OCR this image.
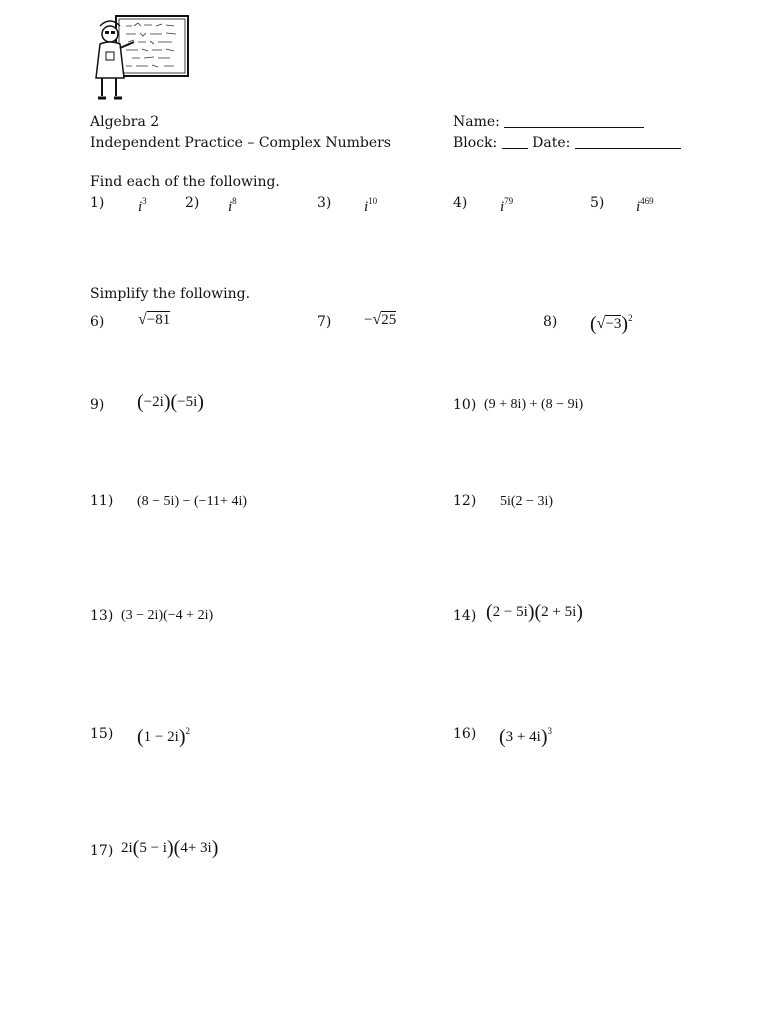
Algebra 2
Independent Practice – Complex Numbers
Name:
Block: Date:
Find each of the following.
1) $i^3$	2) $i^8$	3) $i^{10}$	4) $i^{79}$	5) $i^{469}$
Simplify the following.
6) √−81	7) −√25	8) $(√-3)^2$
9) (−2i)(−5i)	10) (9 + 8i) + (8 − 9i)
11) (8 − 5i) − (−11+ 4i)	12) 5i(2 − 3i)
13) (3 − 2i)(−4 + 2i)	14) (2 − 5i)(2 + 5i)
15) $(1 - 2i)^2$	16) $(3 + 4i)^3$
17) 2i(5 − i)(4+ 3i)
